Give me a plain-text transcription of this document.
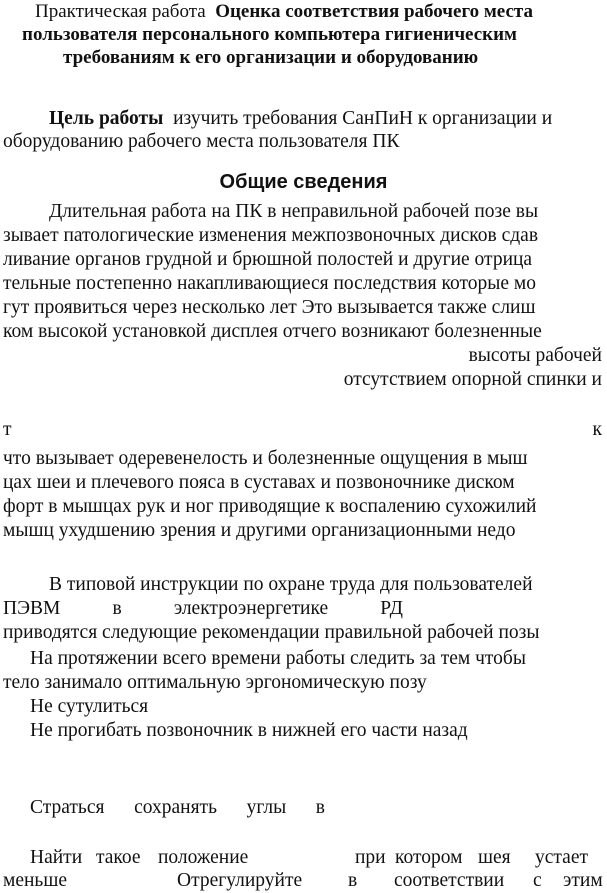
Практическая работа Оценка соответствия рабочего места
пользователя персонального компьютера гигиеническим
требованиям к его организации и оборудованию
Цель работы изучить требования СанПиН к организации и
оборудованию рабочего места пользователя ПК
Общие сведения
Длительная работа на ПК в неправильной рабочей позе вы
зывает патологические изменения межпозвоночных дисков сдав
ливание органов грудной и брюшной полостей и другие отрица
тельные постепенно накапливающиеся последствия которые мо
гут проявиться через несколько лет Это вызывается также слиш
ком высокой установкой дисплея отчего возникают болезненные
высоты рабочей
отсутствием опорной спинки и
т	к
что вызывает одеревенелость и болезненные ощущения в мыш
цах шеи и плечевого пояса в суставах и позвоночнике диском
форт в мышцах рук и ног приводящие к воспалению сухожилий
мышц ухудшению зрения и другими организационными недо
В типовой инструкции по охране труда для пользователей
ПЭВМ	в	электроэнергетике	РД
приводятся следующие рекомендации правильной рабочей позы
На протяжении всего времени работы следить за тем чтобы
тело занимало оптимальную эргономическую позу
Не сутулиться
Не прогибать позвоночник в нижней его части назад
Страться сохранять углы в
Найти такое положение	при котором шея устает
меньше	Отрегулируйте в соответствии с этим
